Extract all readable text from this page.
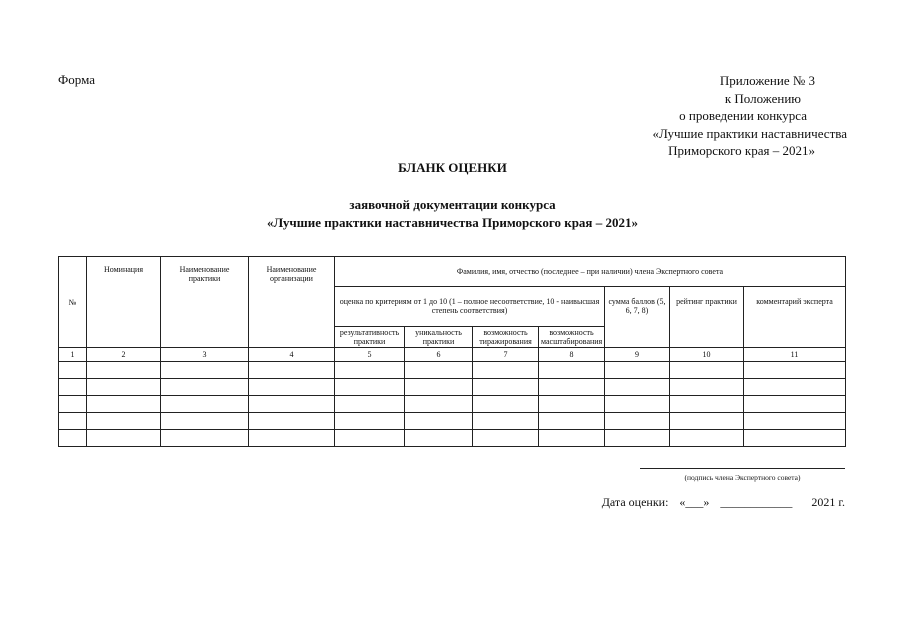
Форма	Приложение № 3
к Положению
о проведении конкурса
«Лучшие практики наставничества
Приморского края – 2021»
БЛАНК ОЦЕНКИ
заявочной документации конкурса
«Лучшие практики наставничества Приморского края – 2021»
№	Номинация	Наименование практики	Наименование организации	Фамилия, имя, отчество (последнее – при наличии) члена Экспертного совета						
				оценка по критериям от 1 до 10 (1 – полное несоответствие, 10 - наивысшая степень соответствия)				сумма баллов (5, 6, 7, 8)	рейтинг практики	комментарий эксперта
				результативность практики	уникальность практики	возможность тиражирования	возможность масштабирования			
1	2	3	4	5	6	7	8	9	10	11

(подпись члена Экспертного совета)
Дата оценки: «___» ____________ 2021 г.
